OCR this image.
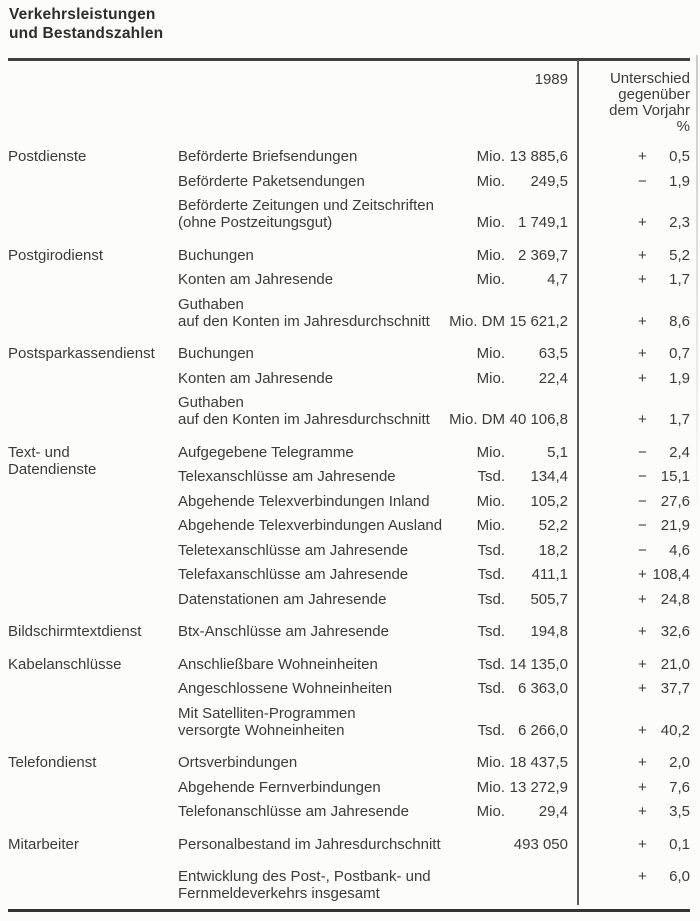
Verkehrsleistungen
und Bestandszahlen
1989	Unterschied
gegenüber
dem Vorjahr
%
Postdienste	Beförderte Briefsendungen	Mio. 13 885,6	+	0,5
Beförderte Paketsendungen	Mio.	249,5	−	1,9
Beförderte Zeitungen und Zeitschriften
(ohne Postzeitungsgut)	Mio. 1 749,1	+	2,3
Postgirodienst	Buchungen	Mio. 2 369,7	+	5,2
Konten am Jahresende	Mio.	4,7	+	1,7
Guthaben
auf den Konten im Jahresdurchschnitt	Mio. DM 15 621,2	+	8,6
Postsparkassendienst	Buchungen	Mio.	63,5	+	0,7
Konten am Jahresende	Mio.	22,4	+	1,9
Guthaben
auf den Konten im Jahresdurchschnitt	Mio. DM 40 106,8	+	1,7
Text- und
Datendienste
Aufgegebene Telegramme	Mio.	5,1	−	2,4
Telexanschlüsse am Jahresende	Tsd.	134,4	− 15,1
Abgehende Telexverbindungen Inland	Mio.	105,2	− 27,6
Abgehende Telexverbindungen Ausland	Mio.	52,2	− 21,9
Teletexanschlüsse am Jahresende	Tsd.	18,2	−	4,6
Telefaxanschlüsse am Jahresende	Tsd.	411,1	+ 108,4
Datenstationen am Jahresende	Tsd.	505,7	+ 24,8
Bildschirmtextdienst	Btx-Anschlüsse am Jahresende	Tsd.	194,8	+ 32,6
Kabelanschlüsse	Anschließbare Wohneinheiten	Tsd. 14 135,0	+ 21,0
Angeschlossene Wohneinheiten	Tsd. 6 363,0	+ 37,7
Mit Satelliten-Programmen
versorgte Wohneinheiten	Tsd. 6 266,0	+ 40,2
Telefondienst	Ortsverbindungen	Mio. 18 437,5	+	2,0
Abgehende Fernverbindungen	Mio. 13 272,9	+	7,6
Telefonanschlüsse am Jahresende	Mio.	29,4	+	3,5
Mitarbeiter	Personalbestand im Jahresdurchschnitt	493 050	+	0,1
Entwicklung des Post-, Postbank- und
Fernmeldeverkehrs insgesamt
+	6,0
